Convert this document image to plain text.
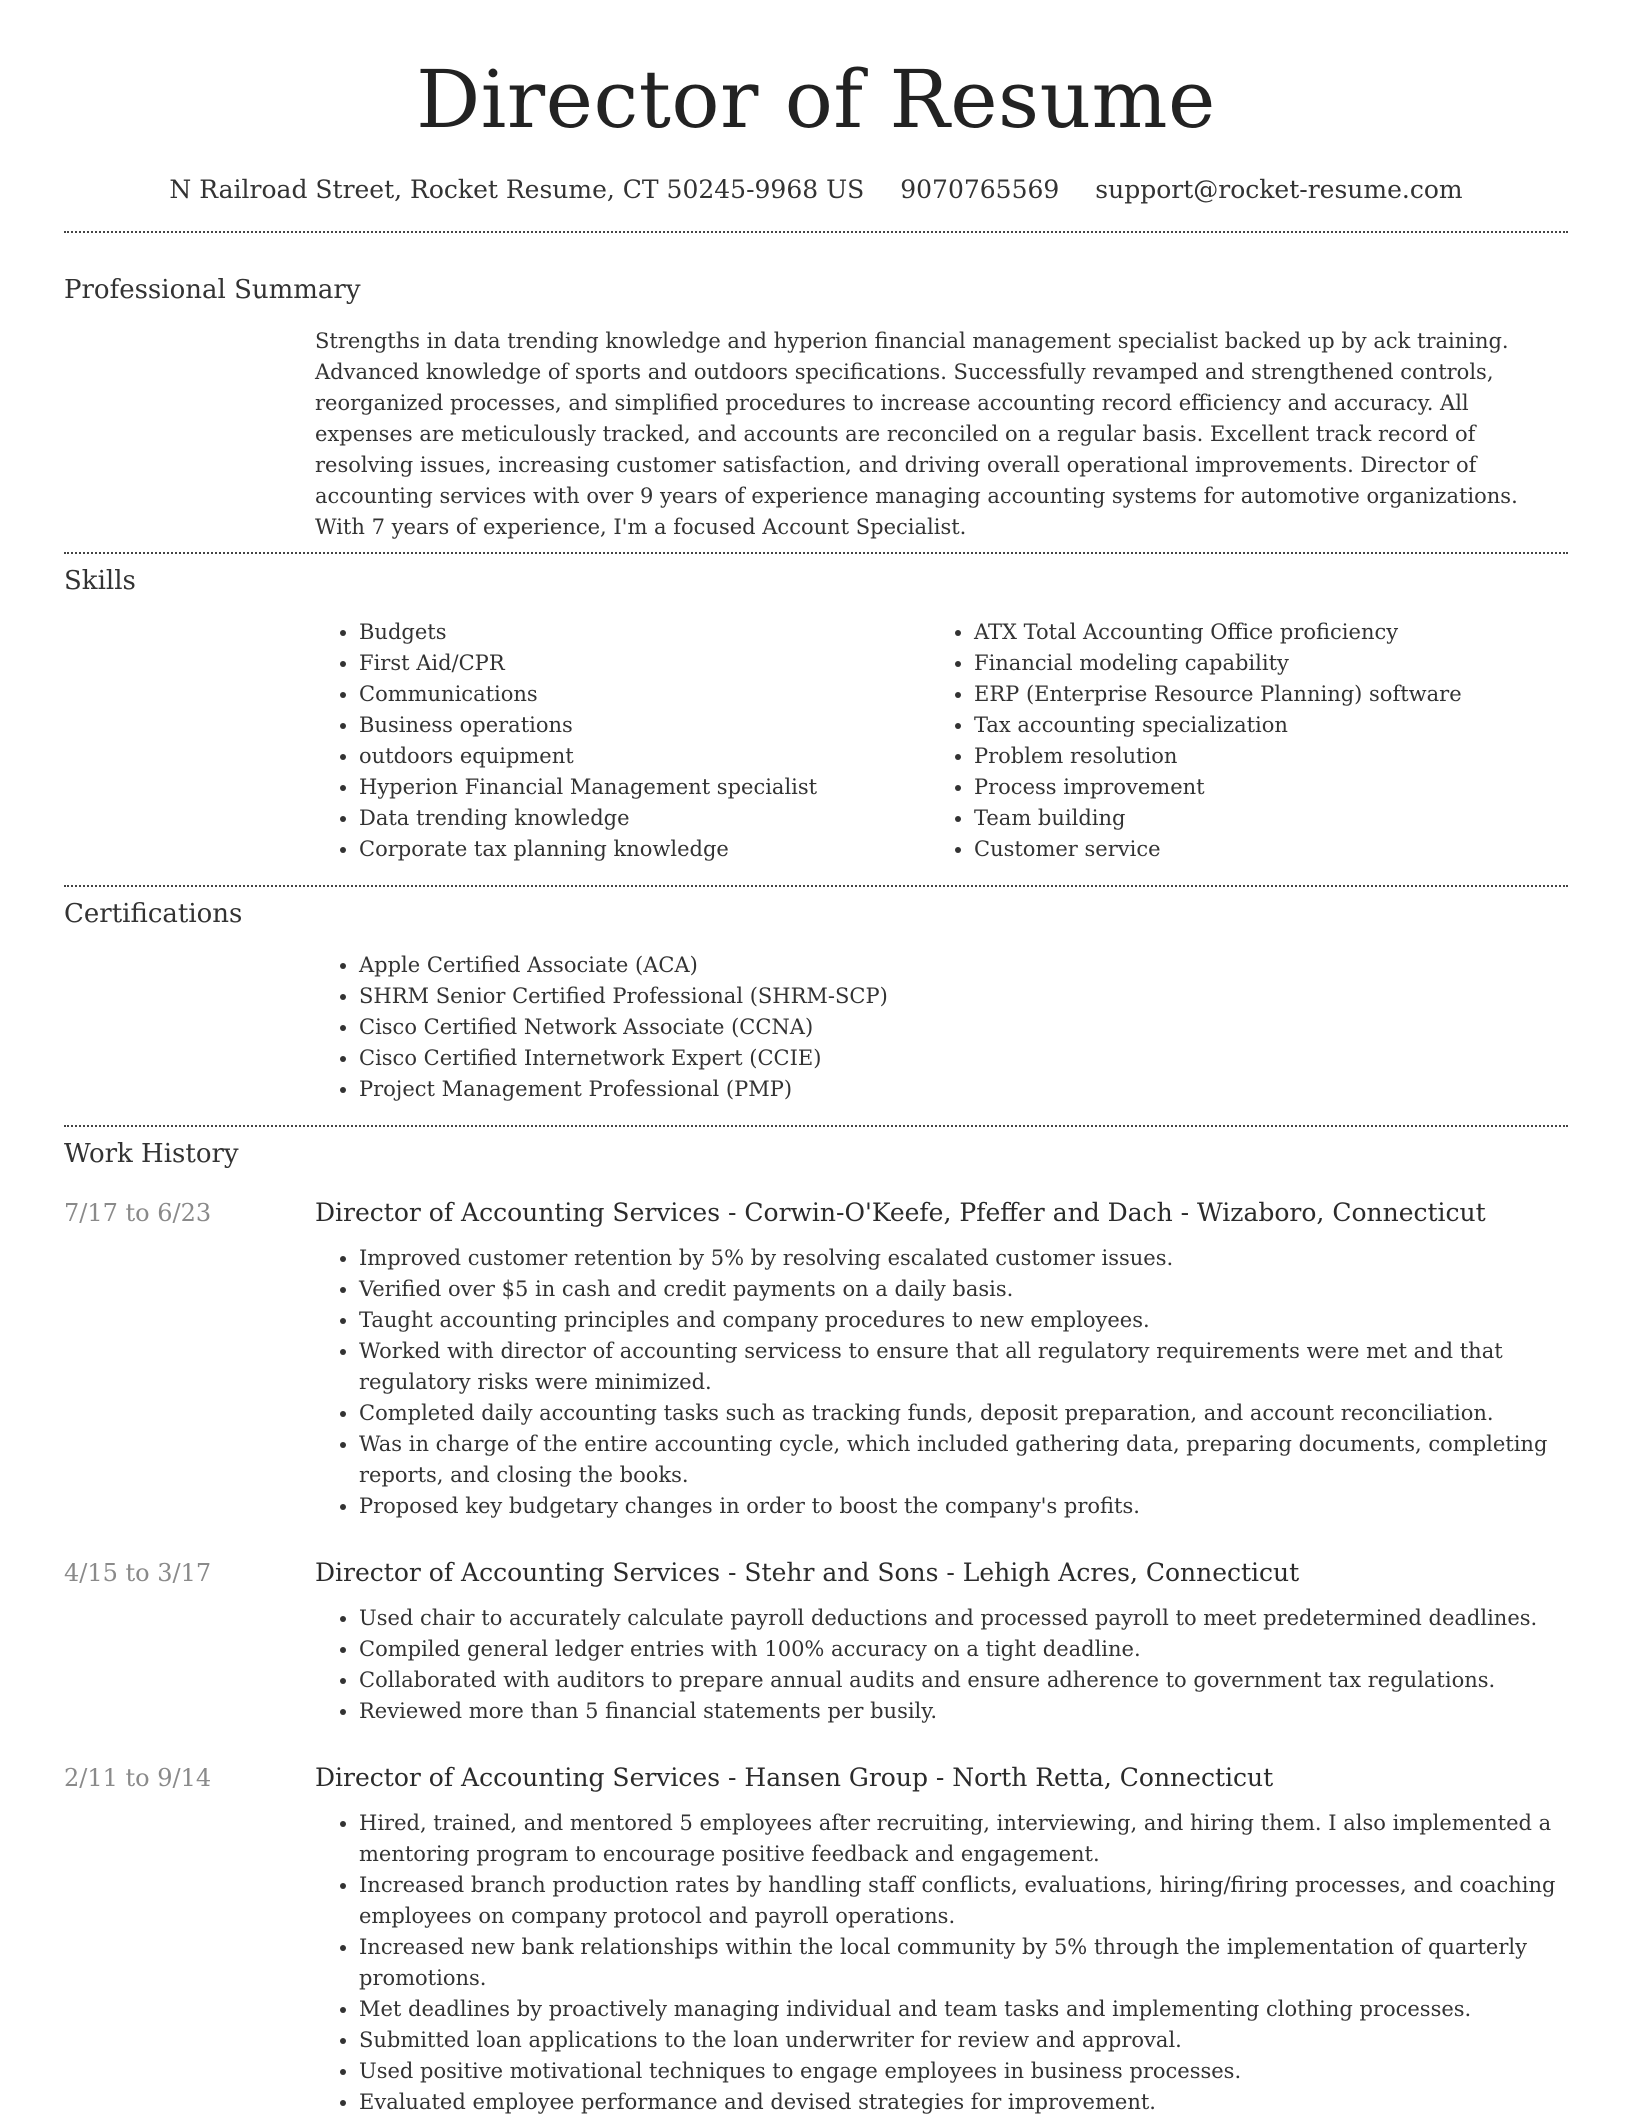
Director of Resume
N Railroad Street, Rocket Resume, CT 50245-9968 US 9070765569 support@rocket-resume.com
Professional Summary
Strengths in data trending knowledge and hyperion financial management specialist backed up by ack training. Advanced knowledge of sports and outdoors specifications. Successfully revamped and strengthened controls, reorganized processes, and simplified procedures to increase accounting record efficiency and accuracy. All expenses are meticulously tracked, and accounts are reconciled on a regular basis. Excellent track record of resolving issues, increasing customer satisfaction, and driving overall operational improvements. Director of accounting services with over 9 years of experience managing accounting systems for automotive organizations. With 7 years of experience, I'm a focused Account Specialist.
Skills
• Budgets
• First Aid/CPR
• Communications
• Business operations
• outdoors equipment
• Hyperion Financial Management specialist
• Data trending knowledge
• Corporate tax planning knowledge
• ATX Total Accounting Office proficiency
• Financial modeling capability
• ERP (Enterprise Resource Planning) software
• Tax accounting specialization
• Problem resolution
• Process improvement
• Team building
• Customer service
Certifications
• Apple Certified Associate (ACA)
• SHRM Senior Certified Professional (SHRM-SCP)
• Cisco Certified Network Associate (CCNA)
• Cisco Certified Internetwork Expert (CCIE)
• Project Management Professional (PMP)
Work History
7/17 to 6/23	Director of Accounting Services - Corwin-O'Keefe, Pfeffer and Dach - Wizaboro, Connecticut
• Improved customer retention by 5% by resolving escalated customer issues.
• Verified over $5 in cash and credit payments on a daily basis.
• Taught accounting principles and company procedures to new employees.
• Worked with director of accounting servicess to ensure that all regulatory requirements were met and that regulatory risks were minimized.
• Completed daily accounting tasks such as tracking funds, deposit preparation, and account reconciliation.
• Was in charge of the entire accounting cycle, which included gathering data, preparing documents, completing reports, and closing the books.
• Proposed key budgetary changes in order to boost the company's profits.
4/15 to 3/17	Director of Accounting Services - Stehr and Sons - Lehigh Acres, Connecticut
• Used chair to accurately calculate payroll deductions and processed payroll to meet predetermined deadlines.
• Compiled general ledger entries with 100% accuracy on a tight deadline.
• Collaborated with auditors to prepare annual audits and ensure adherence to government tax regulations.
• Reviewed more than 5 financial statements per busily.
2/11 to 9/14	Director of Accounting Services - Hansen Group - North Retta, Connecticut
• Hired, trained, and mentored 5 employees after recruiting, interviewing, and hiring them. I also implemented a mentoring program to encourage positive feedback and engagement.
• Increased branch production rates by handling staff conflicts, evaluations, hiring/firing processes, and coaching employees on company protocol and payroll operations.
• Increased new bank relationships within the local community by 5% through the implementation of quarterly promotions.
• Met deadlines by proactively managing individual and team tasks and implementing clothing processes.
• Submitted loan applications to the loan underwriter for review and approval.
• Used positive motivational techniques to engage employees in business processes.
• Evaluated employee performance and devised strategies for improvement.
